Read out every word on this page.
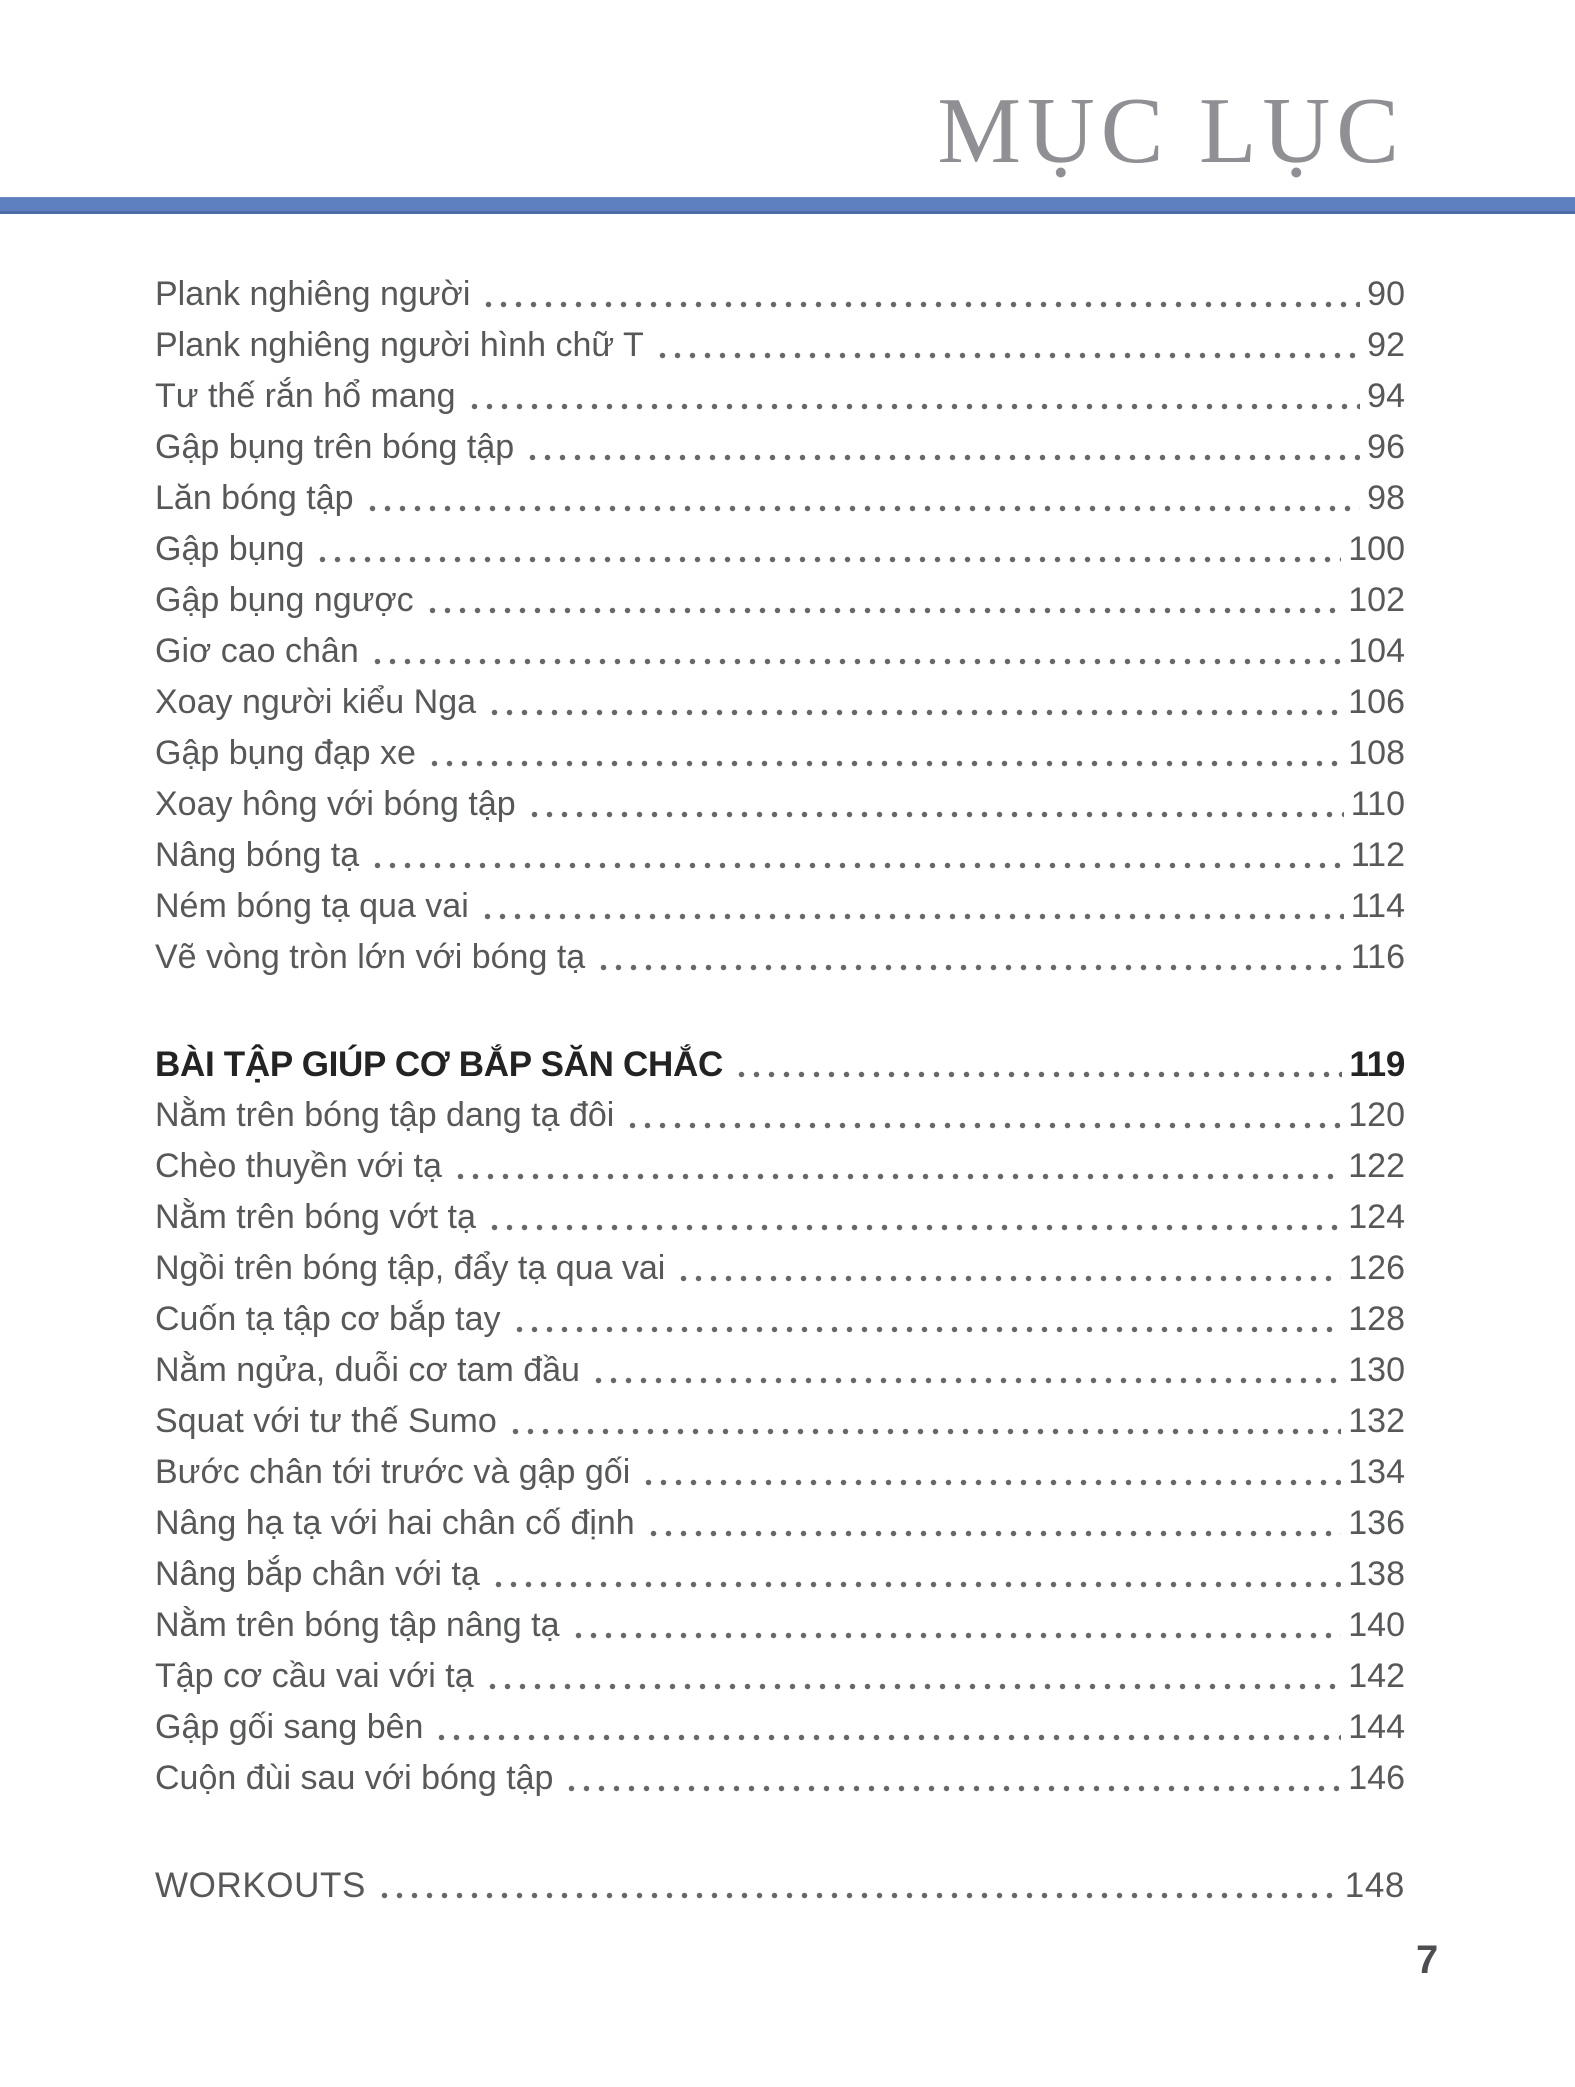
MỤC LỤC
Plank nghiêng người	90
Plank nghiêng người hình chữ T	92
Tư thế rắn hổ mang	94
Gập bụng trên bóng tập	96
Lăn bóng tập	98
Gập bụng	100
Gập bụng ngược	102
Giơ cao chân	104
Xoay người kiểu Nga	106
Gập bụng đạp xe	108
Xoay hông với bóng tập	110
Nâng bóng tạ	112
Ném bóng tạ qua vai	114
Vẽ vòng tròn lớn với bóng tạ	116
BÀI TẬP GIÚP CƠ BẮP SĂN CHẮC	119
Nằm trên bóng tập dang tạ đôi	120
Chèo thuyền với tạ	122
Nằm trên bóng vớt tạ	124
Ngồi trên bóng tập, đẩy tạ qua vai	126
Cuốn tạ tập cơ bắp tay	128
Nằm ngửa, duỗi cơ tam đầu	130
Squat với tư thế Sumo	132
Bước chân tới trước và gập gối	134
Nâng hạ tạ với hai chân cố định	136
Nâng bắp chân với tạ	138
Nằm trên bóng tập nâng tạ	140
Tập cơ cầu vai với tạ	142
Gập gối sang bên	144
Cuộn đùi sau với bóng tập	146
WORKOUTS	148
7
